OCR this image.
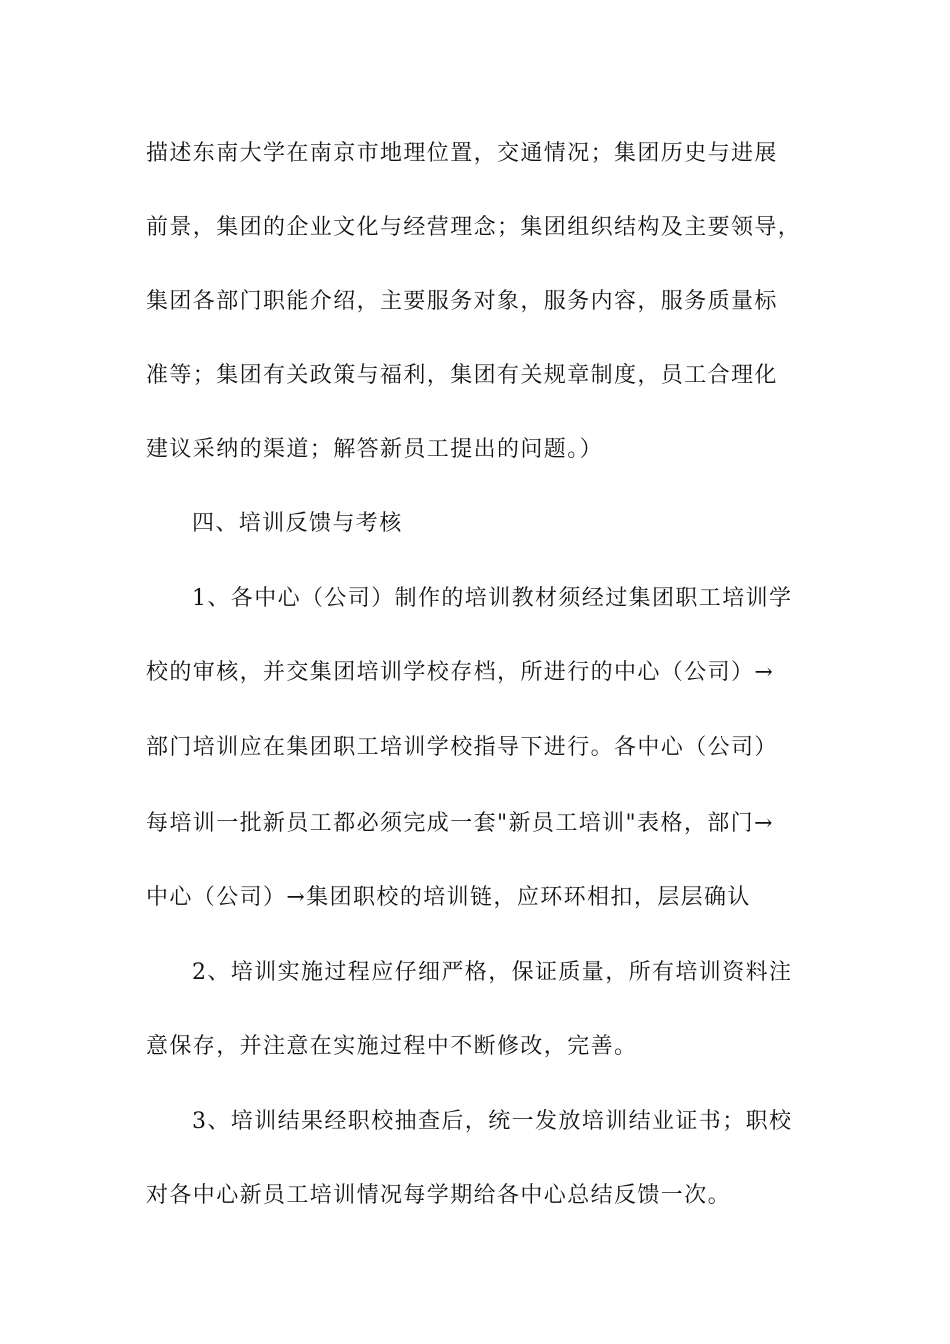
描述东南大学在南京市地理位置，交通情况；集团历史与进展
前景，集团的企业文化与经营理念；集团组织结构及主要领导，
集团各部门职能介绍，主要服务对象，服务内容，服务质量标
准等；集团有关政策与福利，集团有关规章制度，员工合理化
建议采纳的渠道；解答新员工提出的问题。）
四、培训反馈与考核
1、各中心（公司）制作的培训教材须经过集团职工培训学
校的审核，并交集团培训学校存档，所进行的中心（公司）→
部门培训应在集团职工培训学校指导下进行。各中心（公司）
每培训一批新员工都必须完成一套"新员工培训"表格，部门→
中心（公司）→集团职校的培训链，应环环相扣，层层确认
2、培训实施过程应仔细严格，保证质量，所有培训资料注
意保存，并注意在实施过程中不断修改，完善。
3、培训结果经职校抽查后，统一发放培训结业证书；职校
对各中心新员工培训情况每学期给各中心总结反馈一次。
